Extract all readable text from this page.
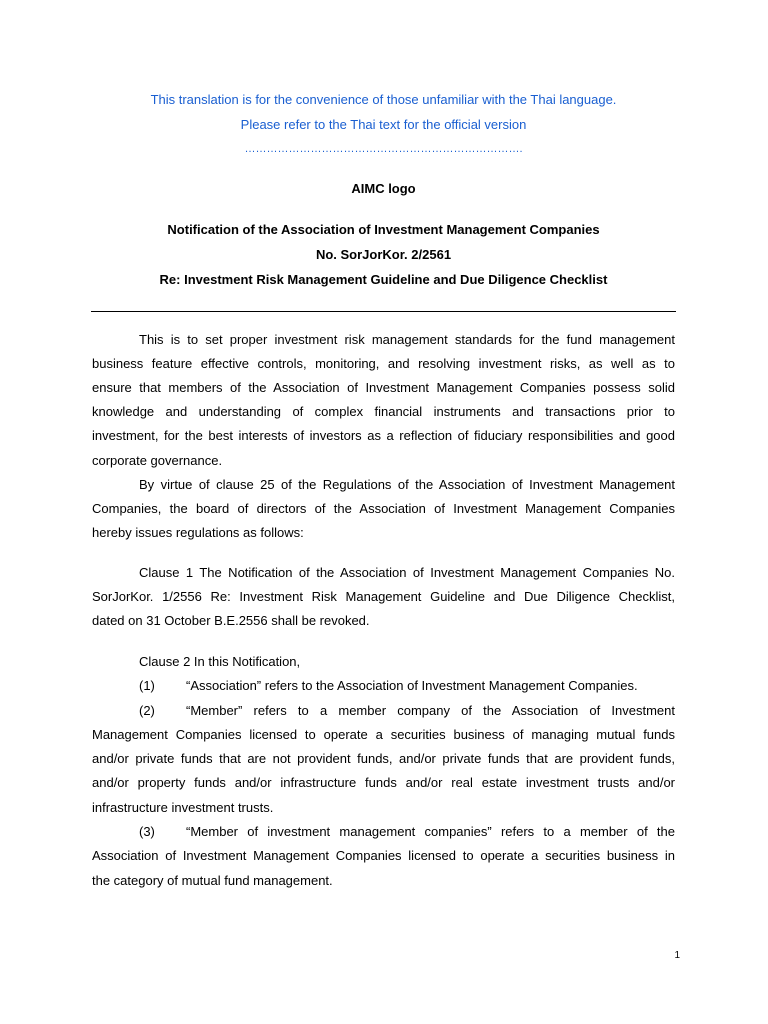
This translation is for the convenience of those unfamiliar with the Thai language.
Please refer to the Thai text for the official version
………………………………………………………………….
AIMC logo
Notification of the Association of Investment Management Companies
No. SorJorKor. 2/2561
Re: Investment Risk Management Guideline and Due Diligence Checklist
This is to set proper investment risk management standards for the fund management
business feature effective controls, monitoring, and resolving investment risks, as well as to
ensure that members of the Association of Investment Management Companies possess solid
knowledge and understanding of complex financial instruments and transactions prior to
investment, for the best interests of investors as a reflection of fiduciary responsibilities and good
corporate governance.
By virtue of clause 25 of the Regulations of the Association of Investment Management
Companies, the board of directors of the Association of Investment Management Companies
hereby issues regulations as follows:
Clause 1 The Notification of the Association of Investment Management Companies No.
SorJorKor. 1/2556 Re: Investment Risk Management Guideline and Due Diligence Checklist,
dated on 31 October B.E.2556 shall be revoked.
Clause 2 In this Notification,
(1)	“Association” refers to the Association of Investment Management Companies.
(2)	“Member” refers to a member company of the Association of Investment
Management Companies licensed to operate a securities business of managing mutual funds
and/or private funds that are not provident funds, and/or private funds that are provident funds,
and/or property funds and/or infrastructure funds and/or real estate investment trusts and/or
infrastructure investment trusts.
(3)	“Member of investment management companies” refers to a member of the
Association of Investment Management Companies licensed to operate a securities business in
the category of mutual fund management.
1
